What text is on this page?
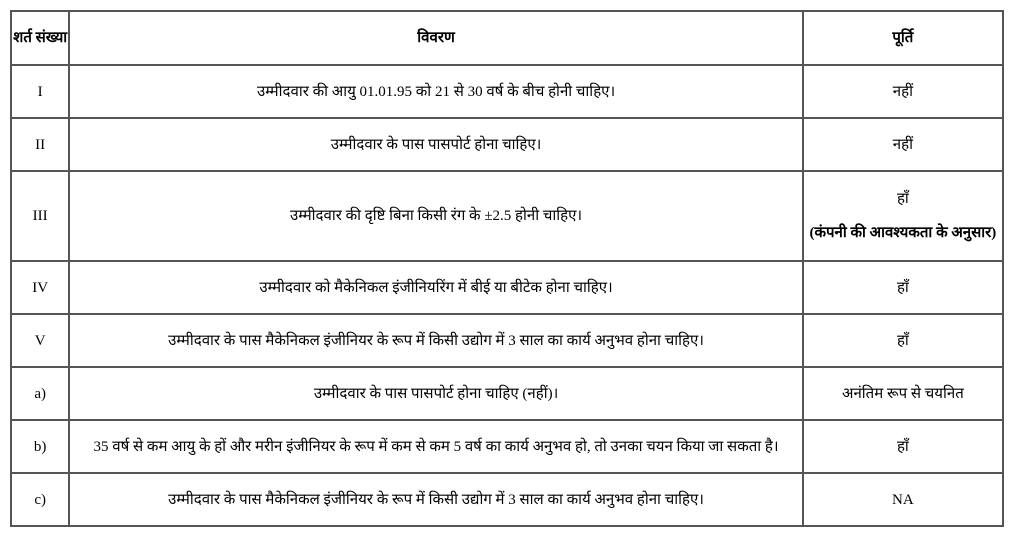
शर्त संख्या	विवरण	पूर्ति
I	उम्मीदवार की आयु 01.01.95 को 21 से 30 वर्ष के बीच होनी चाहिए।	नहीं
II	उम्मीदवार के पास पासपोर्ट होना चाहिए।	नहीं
III	उम्मीदवार की दृष्टि बिना किसी रंग के ±2.5 होनी चाहिए।	हाँ
(कंपनी की आवश्यकता के अनुसार)

IV	उम्मीदवार को मैकेनिकल इंजीनियरिंग में बीई या बीटेक होना चाहिए।	हाँ
V	उम्मीदवार के पास मैकेनिकल इंजीनियर के रूप में किसी उद्योग में 3 साल का कार्य अनुभव होना चाहिए।	हाँ
a)	उम्मीदवार के पास पासपोर्ट होना चाहिए (नहीं)।	अनंतिम रूप से चयनित
b)	35 वर्ष से कम आयु के हों और मरीन इंजीनियर के रूप में कम से कम 5 वर्ष का कार्य अनुभव हो, तो उनका चयन किया जा सकता है।	हाँ
c)	उम्मीदवार के पास मैकेनिकल इंजीनियर के रूप में किसी उद्योग में 3 साल का कार्य अनुभव होना चाहिए।	NA
